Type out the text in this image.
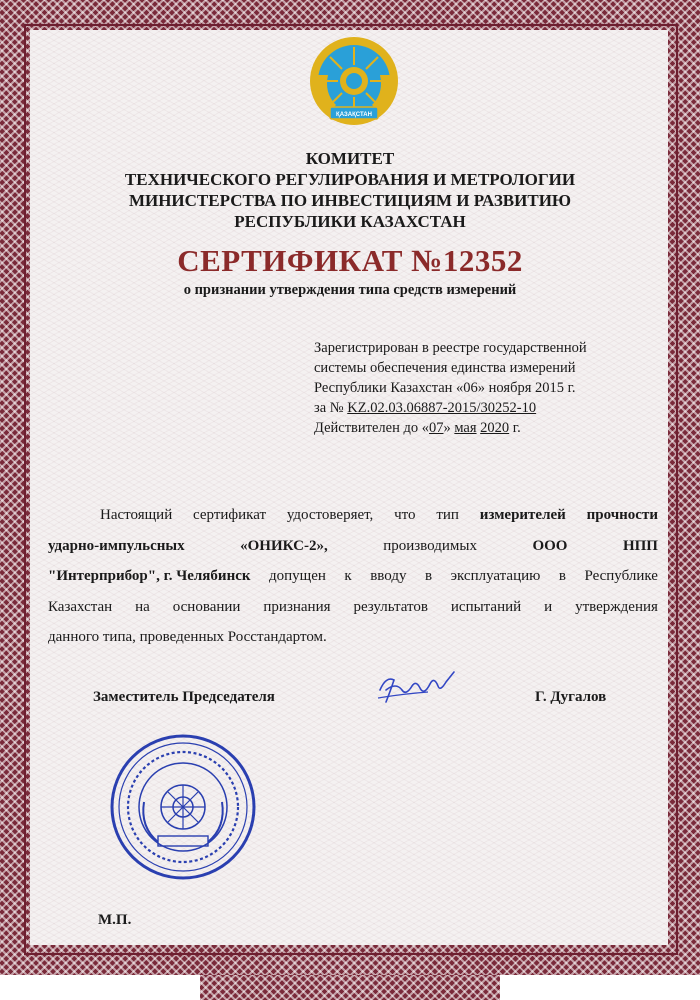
ҚАЗАҚСТАН
КОМИТЕТ
ТЕХНИЧЕСКОГО РЕГУЛИРОВАНИЯ И МЕТРОЛОГИИ
МИНИСТЕРСТВА ПО ИНВЕСТИЦИЯМ И РАЗВИТИЮ
РЕСПУБЛИКИ КАЗАХСТАН
СЕРТИФИКАТ №12352
о признании утверждения типа средств измерений
Зарегистрирован в реестре государственной
системы обеспечения единства измерений
Республики Казахстан «06» ноября 2015 г.
за № KZ.02.03.06887-2015/30252-10
Действителен до «07» мая 2020 г.
Настоящий сертификат удостоверяет, что тип измерителей прочности
ударно-импульсных	«ОНИКС-2»,	производимых	ООО	НПП
"Интерприбор", г. Челябинск допущен к вводу в эксплуатацию в Республике
Казахстан на основании признания результатов испытаний и утверждения
данного типа, проведенных Росстандартом.
Заместитель Председателя	Г. Дугалов
М.П.
